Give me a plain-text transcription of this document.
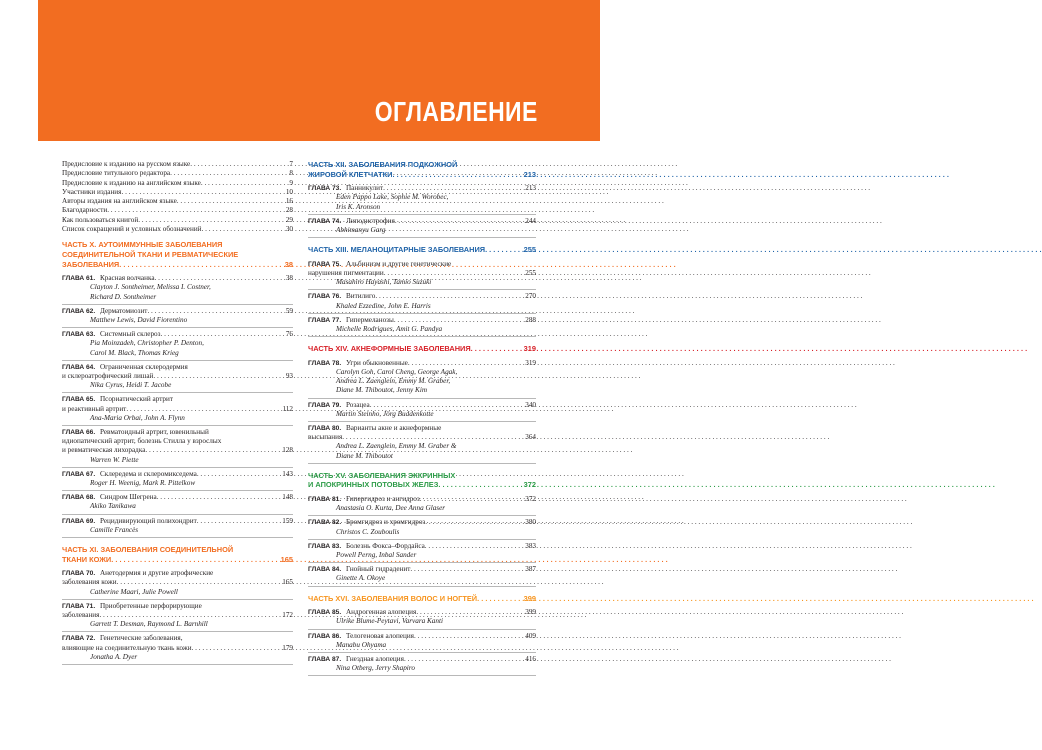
ОГЛАВЛЕНИЕ
Предисловие к изданию на русском языке . . .	7
Предисловие титульного редактора . . .	8
Предисловие к изданию на английском языке . . .	9
Участники издания . . .	10
Авторы издания на английском языке . . .	16
Благодарности . . .	28
Как пользоваться книгой . . .	29
Список сокращений и условных обозначений . . .	30
ЧАСТЬ X. АУТОИММУННЫЕ ЗАБОЛЕВАНИЯ
СОЕДИНИТЕЛЬНОЙ ТКАНИ И РЕВМАТИЧЕСКИЕ
ЗАБОЛЕВАНИЯ . . .	38
ГЛАВА 61. Красная волчанка . . .	38
Clayton J. Sontheimer, Melissa I. Costner,
Richard D. Sontheimer
ГЛАВА 62. Дерматомиозит . . .	59
Matthew Lewis, David Fiorentino
ГЛАВА 63. Системный склероз . . .	76
Pia Moinzadeh, Christopher P. Denton,
Carol M. Black, Thomas Krieg
ГЛАВА 64. Ограниченная склеродермия
и склероатрофический лишай . . .	93
Nika Cyrus, Heidi T. Jacobe
ГЛАВА 65. Псориатический артрит
и реактивный артрит . . .	112
Ana-Maria Orbai, John A. Flynn
ГЛАВА 66. Ревматоидный артрит, ювенильный
идиопатический артрит, болезнь Стилла у взрослых
и ревматическая лихорадка . . .	128
Warren W. Piette
ГЛАВА 67. Склередема и склеромикседема . . .	143
Roger H. Weenig, Mark R. Pittelkow
ГЛАВА 68. Синдром Шегрена . . .	148
Akiko Tanikawa
ГЛАВА 69. Рецидивирующий полихондрит . . .	159
Camille Francès
ЧАСТЬ XI. ЗАБОЛЕВАНИЯ СОЕДИНИТЕЛЬНОЙ
ТКАНИ КОЖИ . . .	165
ГЛАВА 70. Анетодермия и другие атрофические
заболевания кожи . . .	165
Catherine Maari, Julie Powell
ГЛАВА 71. Приобретенные перфорирующие
заболевания . . .	172
Garrett T. Desman, Raymond L. Barnhill
ГЛАВА 72. Генетические заболевания,
влияющие на соединительную ткань кожи . . .	179
Jonatha A. Dyer
ЧАСТЬ XII. ЗАБОЛЕВАНИЯ ПОДКОЖНОЙ
ЖИРОВОЙ КЛЕТЧАТКИ . . .	213
ГЛАВА 73. Панникулит . . .	213
Eden Pappo Lake, Sophie M. Worobec,
Iris K. Aronson
ГЛАВА 74. Липодистрофия . . .	244
Abhimanyu Garg
ЧАСТЬ XIII. МЕЛАНОЦИТАРНЫЕ ЗАБОЛЕВАНИЯ . . .	255
ГЛАВА 75. Альбинизм и другие генетические
нарушения пигментации . . .	255
Masahiro Hayashi, Tamio Suzuki
ГЛАВА 76. Витилиго . . .	270
Khaled Ezzedine, John E. Harris
ГЛАВА 77. Гипермеланозы . . .	288
Michelle Rodrigues, Amit G. Pandya
ЧАСТЬ XIV. АКНЕФОРМНЫЕ ЗАБОЛЕВАНИЯ . . .	319
ГЛАВА 78. Угри обыкновенные . . .	319
Carolyn Goh, Carol Cheng, George Agak,
Andrea L. Zaenglein, Emmy M. Graber,
Diane M. Thiboutot, Jenny Kim
ГЛАВА 79. Розацеа . . .	340
Martin Steinho, Jörg Buddenkotte
ГЛАВА 80. Варианты акне и акнеформные
высыпания . . .	364
Andrea L. Zaenglein, Emmy M. Graber &
Diane M. Thiboutot
ЧАСТЬ XV. ЗАБОЛЕВАНИЯ ЭККРИННЫХ
И АПОКРИННЫХ ПОТОВЫХ ЖЕЛЕЗ . . .	372
ГЛАВА 81. Гипергидроз и ангидроз . . .	372
Anastasia O. Kurta, Dee Anna Glaser
ГЛАВА 82. Бромгидроз и хромгидроз . . .	380
Christos C. Zouboulis
ГЛАВА 83. Болезнь Фокса–Фордайса . . .	383
Powell Perng, Inbal Sander
ГЛАВА 84. Гнойный гидраденит . . .	387
Ginette A. Okoye
ЧАСТЬ XVI. ЗАБОЛЕВАНИЯ ВОЛОС И НОГТЕЙ . . .	399
ГЛАВА 85. Андрогенная алопеция . . .	399
Ulrike Blume-Peytavi, Varvara Kanti
ГЛАВА 86. Телогеновая алопеция . . .	409
Manabu Ohyama
ГЛАВА 87. Гнездная алопеция . . .	416
Nina Otberg, Jerry Shapiro
